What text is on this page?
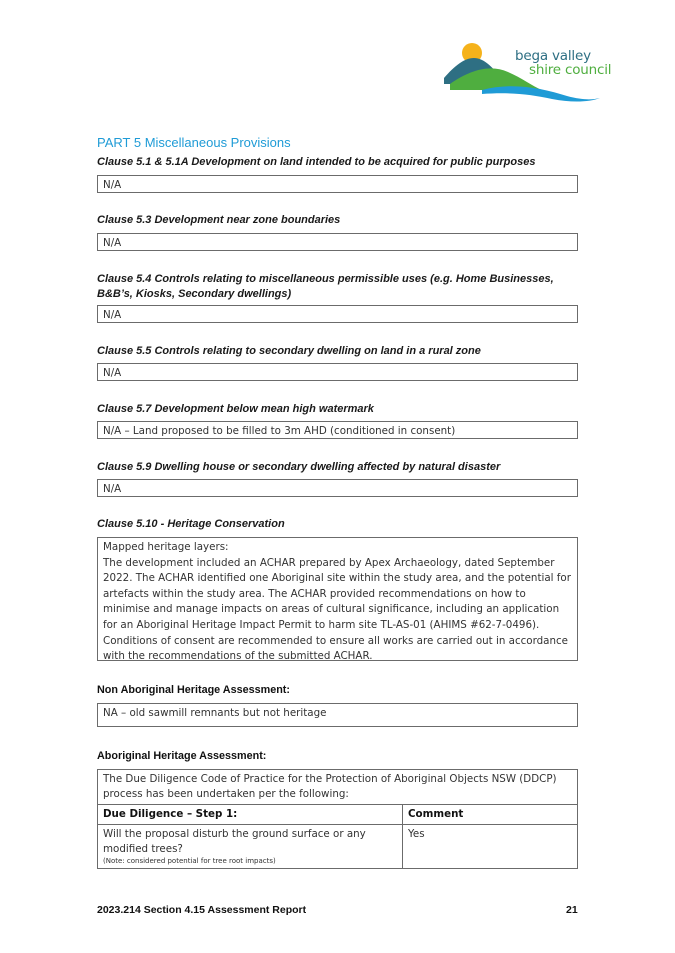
bega valley
shire council
PART 5 Miscellaneous Provisions
Clause 5.1 & 5.1A Development on land intended to be acquired for public purposes
N/A
Clause 5.3 Development near zone boundaries
N/A
Clause 5.4 Controls relating to miscellaneous permissible uses (e.g. Home Businesses, B&B’s, Kiosks, Secondary dwellings)
N/A
Clause 5.5 Controls relating to secondary dwelling on land in a rural zone
N/A
Clause 5.7 Development below mean high watermark
N/A – Land proposed to be filled to 3m AHD (conditioned in consent)
Clause 5.9 Dwelling house or secondary dwelling affected by natural disaster
N/A
Clause 5.10 - Heritage Conservation
Mapped heritage layers:
The development included an ACHAR prepared by Apex Archaeology, dated September 2022. The ACHAR identified one Aboriginal site within the study area, and the potential for artefacts within the study area. The ACHAR provided recommendations on how to minimise and manage impacts on areas of cultural significance, including an application for an Aboriginal Heritage Impact Permit to harm site TL-AS-01 (AHIMS #62-7-0496). Conditions of consent are recommended to ensure all works are carried out in accordance with the recommendations of the submitted ACHAR.
Non Aboriginal Heritage Assessment:
NA – old sawmill remnants but not heritage
Aboriginal Heritage Assessment:
The Due Diligence Code of Practice for the Protection of Aboriginal Objects NSW (DDCP) process has been undertaken per the following:
Due Diligence – Step 1:	Comment
Will the proposal disturb the ground surface or any modified trees?
(Note: considered potential for tree root impacts)
Yes
2023.214 Section 4.15 Assessment Report	21
